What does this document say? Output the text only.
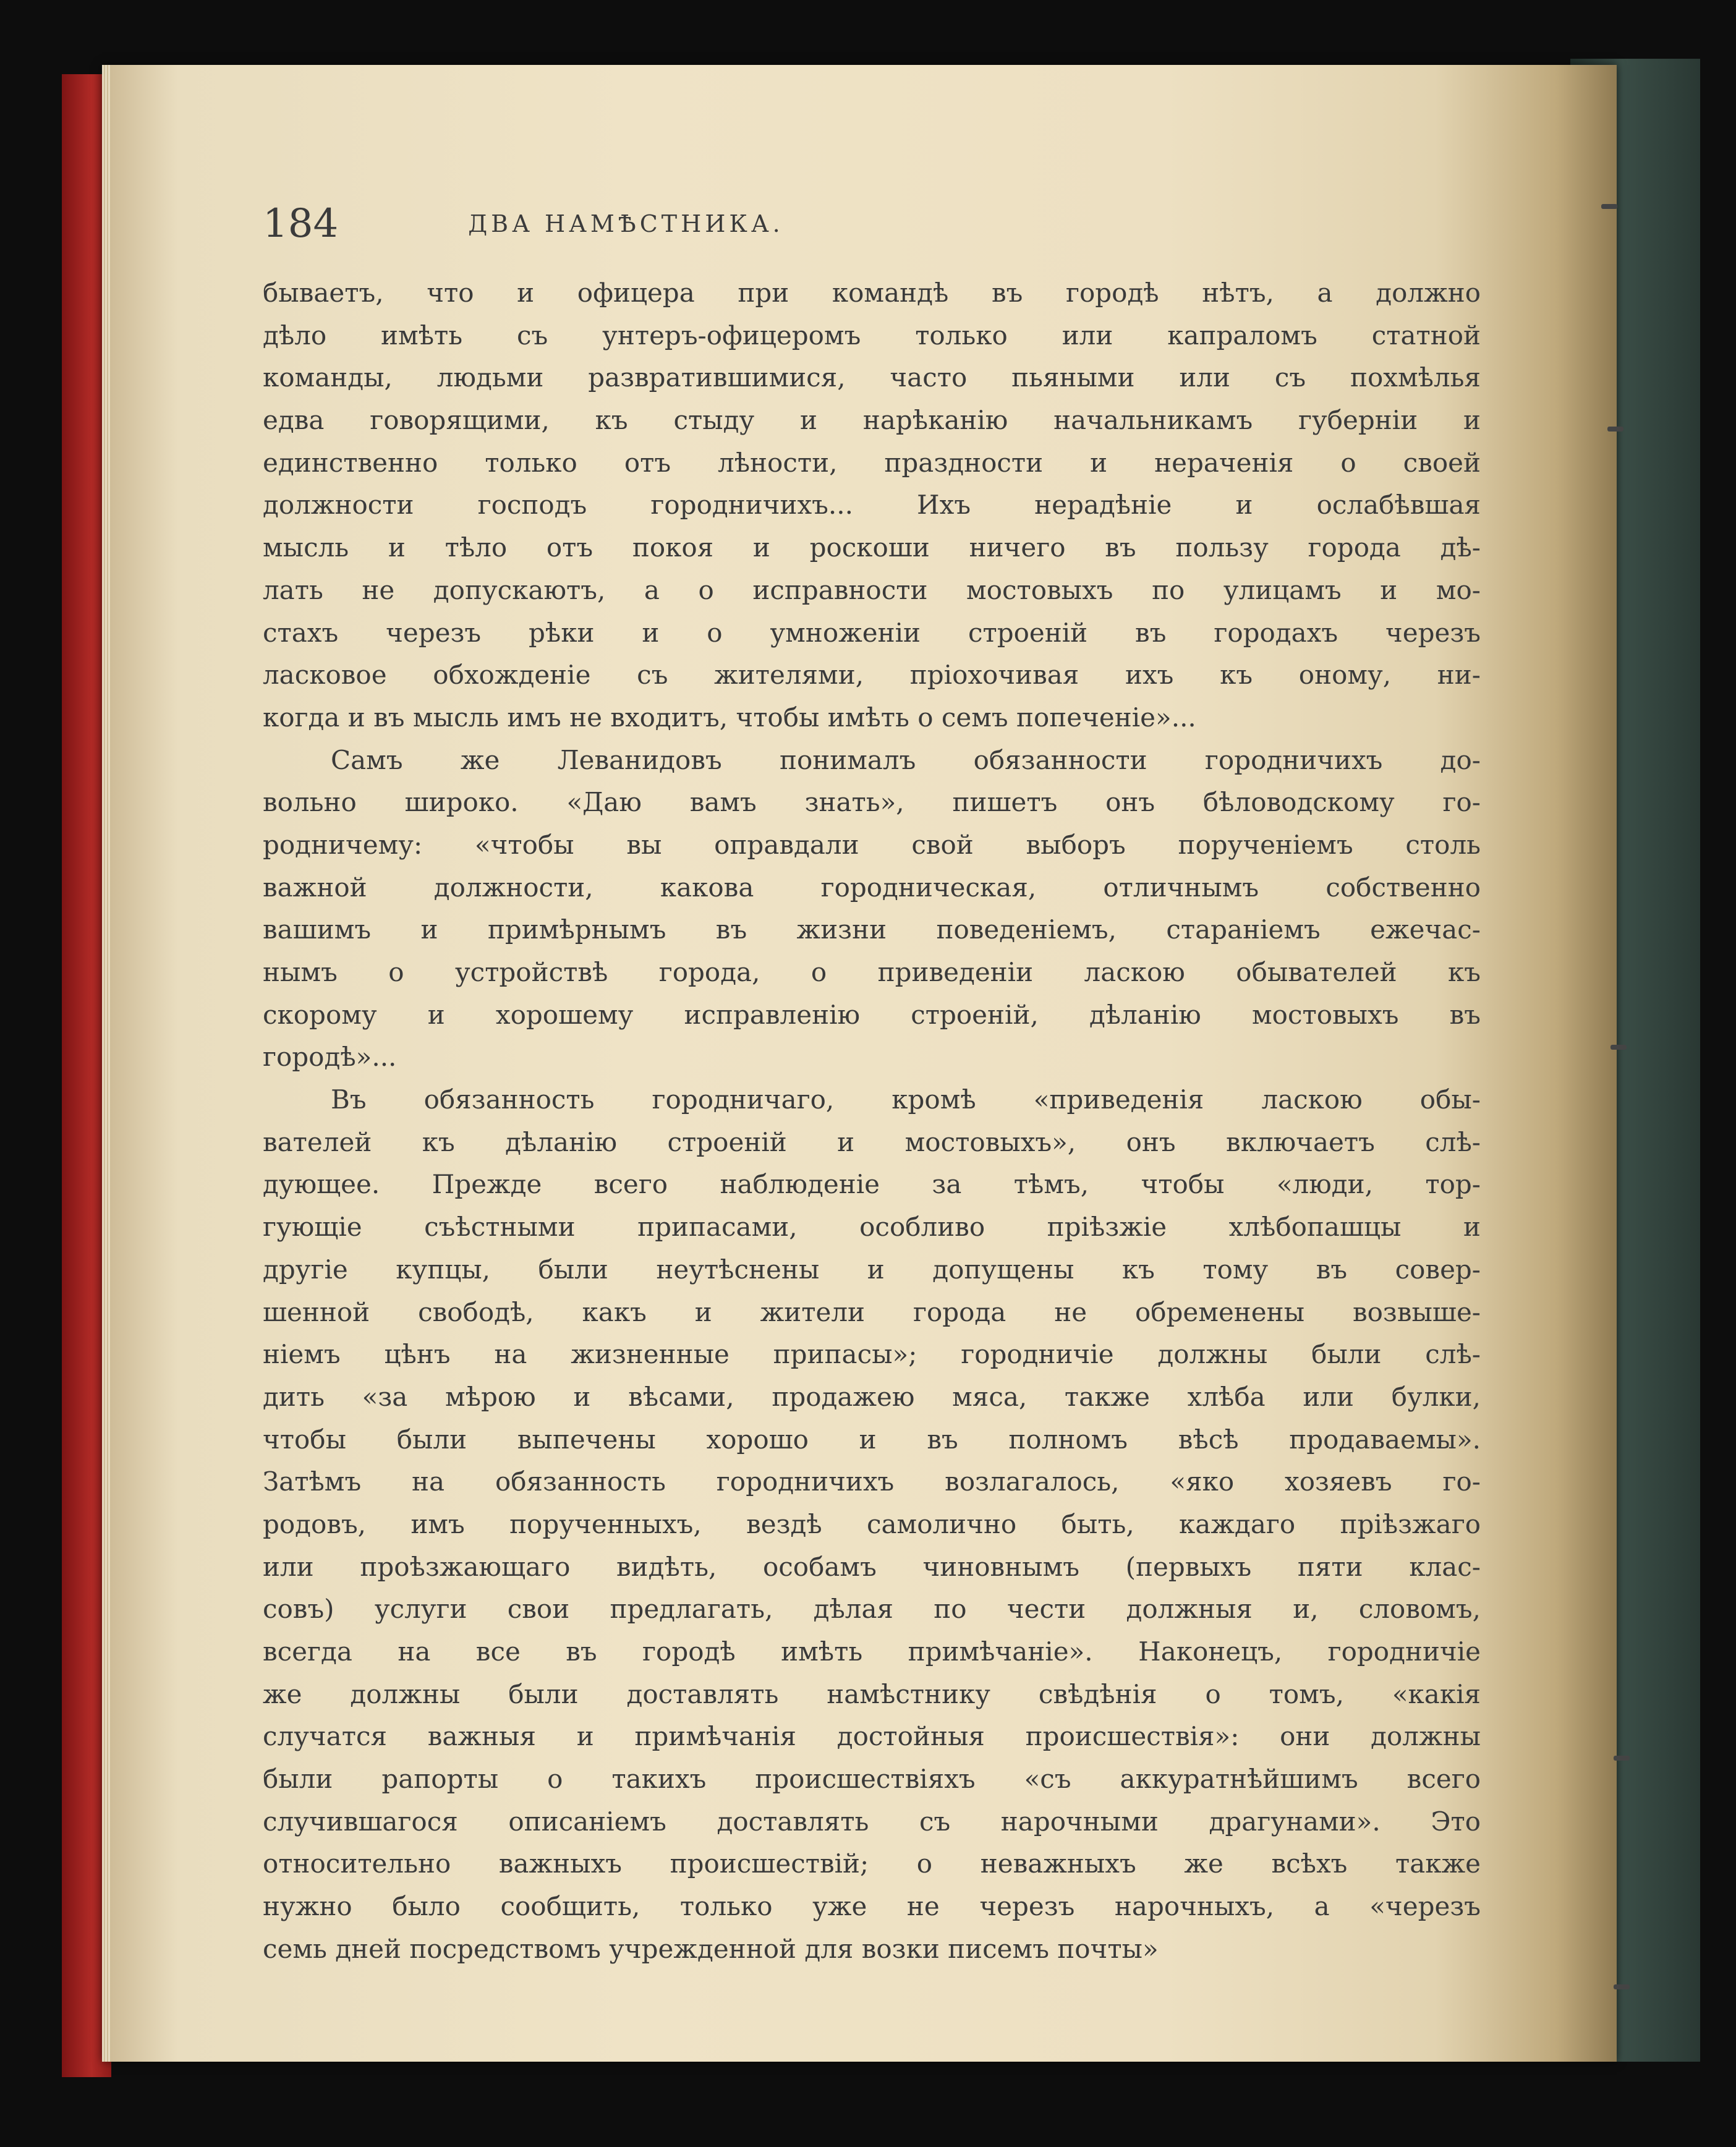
184	ДВА НАМѢСТНИКА.
бываетъ, что и офицера при командѣ въ городѣ нѣтъ, а должно
дѣло имѣть съ унтеръ-офицеромъ только или капраломъ статной
команды, людьми развратившимися, часто пьяными или съ похмѣлья
едва говорящими, къ стыду и нарѣканію начальникамъ губерніи и
единственно только отъ лѣности, праздности и нераченія о своей
должности господъ городничихъ... Ихъ нерадѣніе и ослабѣвшая
мысль и тѣло отъ покоя и роскоши ничего въ пользу города дѣ-
лать не допускаютъ, а о исправности мостовыхъ по улицамъ и мо-
стахъ черезъ рѣки и о умноженіи строеній въ городахъ черезъ
ласковое обхожденіе съ жителями, пріохочивая ихъ къ оному, ни-
когда и въ мысль имъ не входитъ, чтобы имѣть о семъ попеченіе»...
Самъ же Леванидовъ понималъ обязанности городничихъ до-
вольно широко. «Даю вамъ знать», пишетъ онъ бѣловодскому го-
родничему: «чтобы вы оправдали свой выборъ порученіемъ столь
важной должности, какова городническая, отличнымъ собственно
вашимъ и примѣрнымъ въ жизни поведеніемъ, стараніемъ ежечас-
нымъ о устройствѣ города, о приведеніи ласкою обывателей къ
скорому и хорошему исправленію строеній, дѣланію мостовыхъ въ
городѣ»...
Въ обязанность городничаго, кромѣ «приведенія ласкою обы-
вателей къ дѣланію строеній и мостовыхъ», онъ включаетъ слѣ-
дующее. Прежде всего наблюденіе за тѣмъ, чтобы «люди, тор-
гующіе съѣстными припасами, особливо пріѣзжіе хлѣбопашцы и
другіе купцы, были неутѣснены и допущены къ тому въ совер-
шенной свободѣ, какъ и жители города не обременены возвыше-
ніемъ цѣнъ на жизненные припасы»; городничіе должны были слѣ-
дить «за мѣрою и вѣсами, продажею мяса, также хлѣба или булки,
чтобы были выпечены хорошо и въ полномъ вѣсѣ продаваемы».
Затѣмъ на обязанность городничихъ возлагалось, «яко хозяевъ го-
родовъ, имъ порученныхъ, вездѣ самолично быть, каждаго пріѣзжаго
или проѣзжающаго видѣть, особамъ чиновнымъ (первыхъ пяти клас-
совъ) услуги свои предлагать, дѣлая по чести должныя и, словомъ,
всегда на все въ городѣ имѣть примѣчаніе». Наконецъ, городничіе
же должны были доставлять намѣстнику свѣдѣнія о томъ, «какія
случатся важныя и примѣчанія достойныя происшествія»: они должны
были рапорты о такихъ происшествіяхъ «съ аккуратнѣйшимъ всего
случившагося описаніемъ доставлять съ нарочными драгунами». Это
относительно важныхъ происшествій; о неважныхъ же всѣхъ также
нужно было сообщить, только уже не черезъ нарочныхъ, а «черезъ
семь дней посредствомъ учрежденной для возки писемъ почты»
